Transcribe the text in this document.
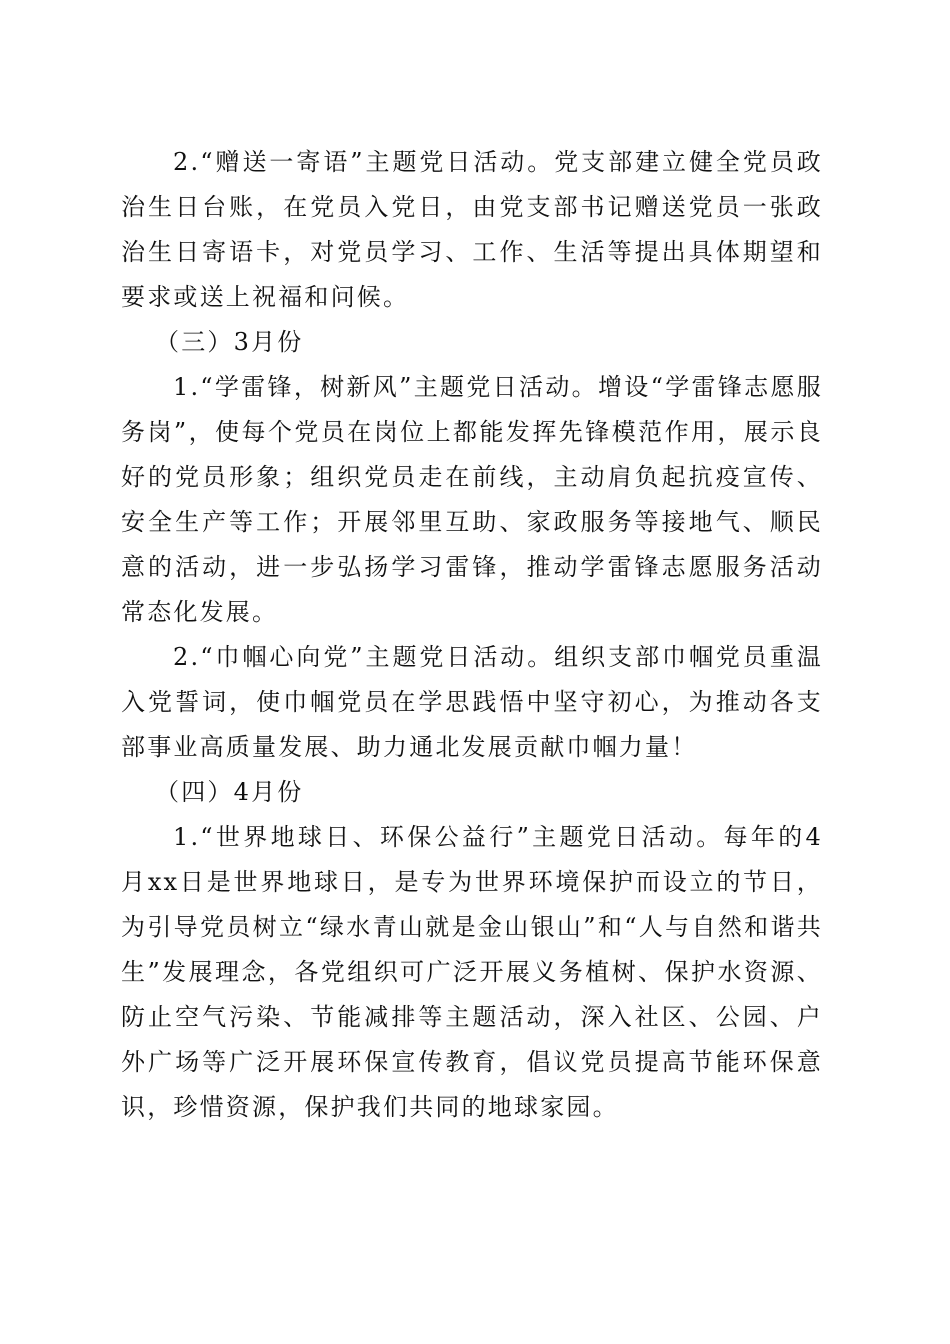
2.“赠送一寄语”主题党日活动。党支部建立健全党员政治生日台账，在党员入党日，由党支部书记赠送党员一张政治生日寄语卡，对党员学习、工作、生活等提出具体期望和要求或送上祝福和问候。

（三）3月份

1.“学雷锋，树新风”主题党日活动。增设“学雷锋志愿服务岗”，使每个党员在岗位上都能发挥先锋模范作用，展示良好的党员形象；组织党员走在前线，主动肩负起抗疫宣传、安全生产等工作；开展邻里互助、家政服务等接地气、顺民意的活动，进一步弘扬学习雷锋，推动学雷锋志愿服务活动常态化发展。

2.“巾帼心向党”主题党日活动。组织支部巾帼党员重温入党誓词，使巾帼党员在学思践悟中坚守初心，为推动各支部事业高质量发展、助力通北发展贡献巾帼力量！

（四）4月份

1.“世界地球日、环保公益行”主题党日活动。每年的4月xx日是世界地球日，是专为世界环境保护而设立的节日，为引导党员树立“绿水青山就是金山银山”和“人与自然和谐共生”发展理念，各党组织可广泛开展义务植树、保护水资源、防止空气污染、节能减排等主题活动，深入社区、公园、户外广场等广泛开展环保宣传教育，倡议党员提高节能环保意识，珍惜资源，保护我们共同的地球家园。
